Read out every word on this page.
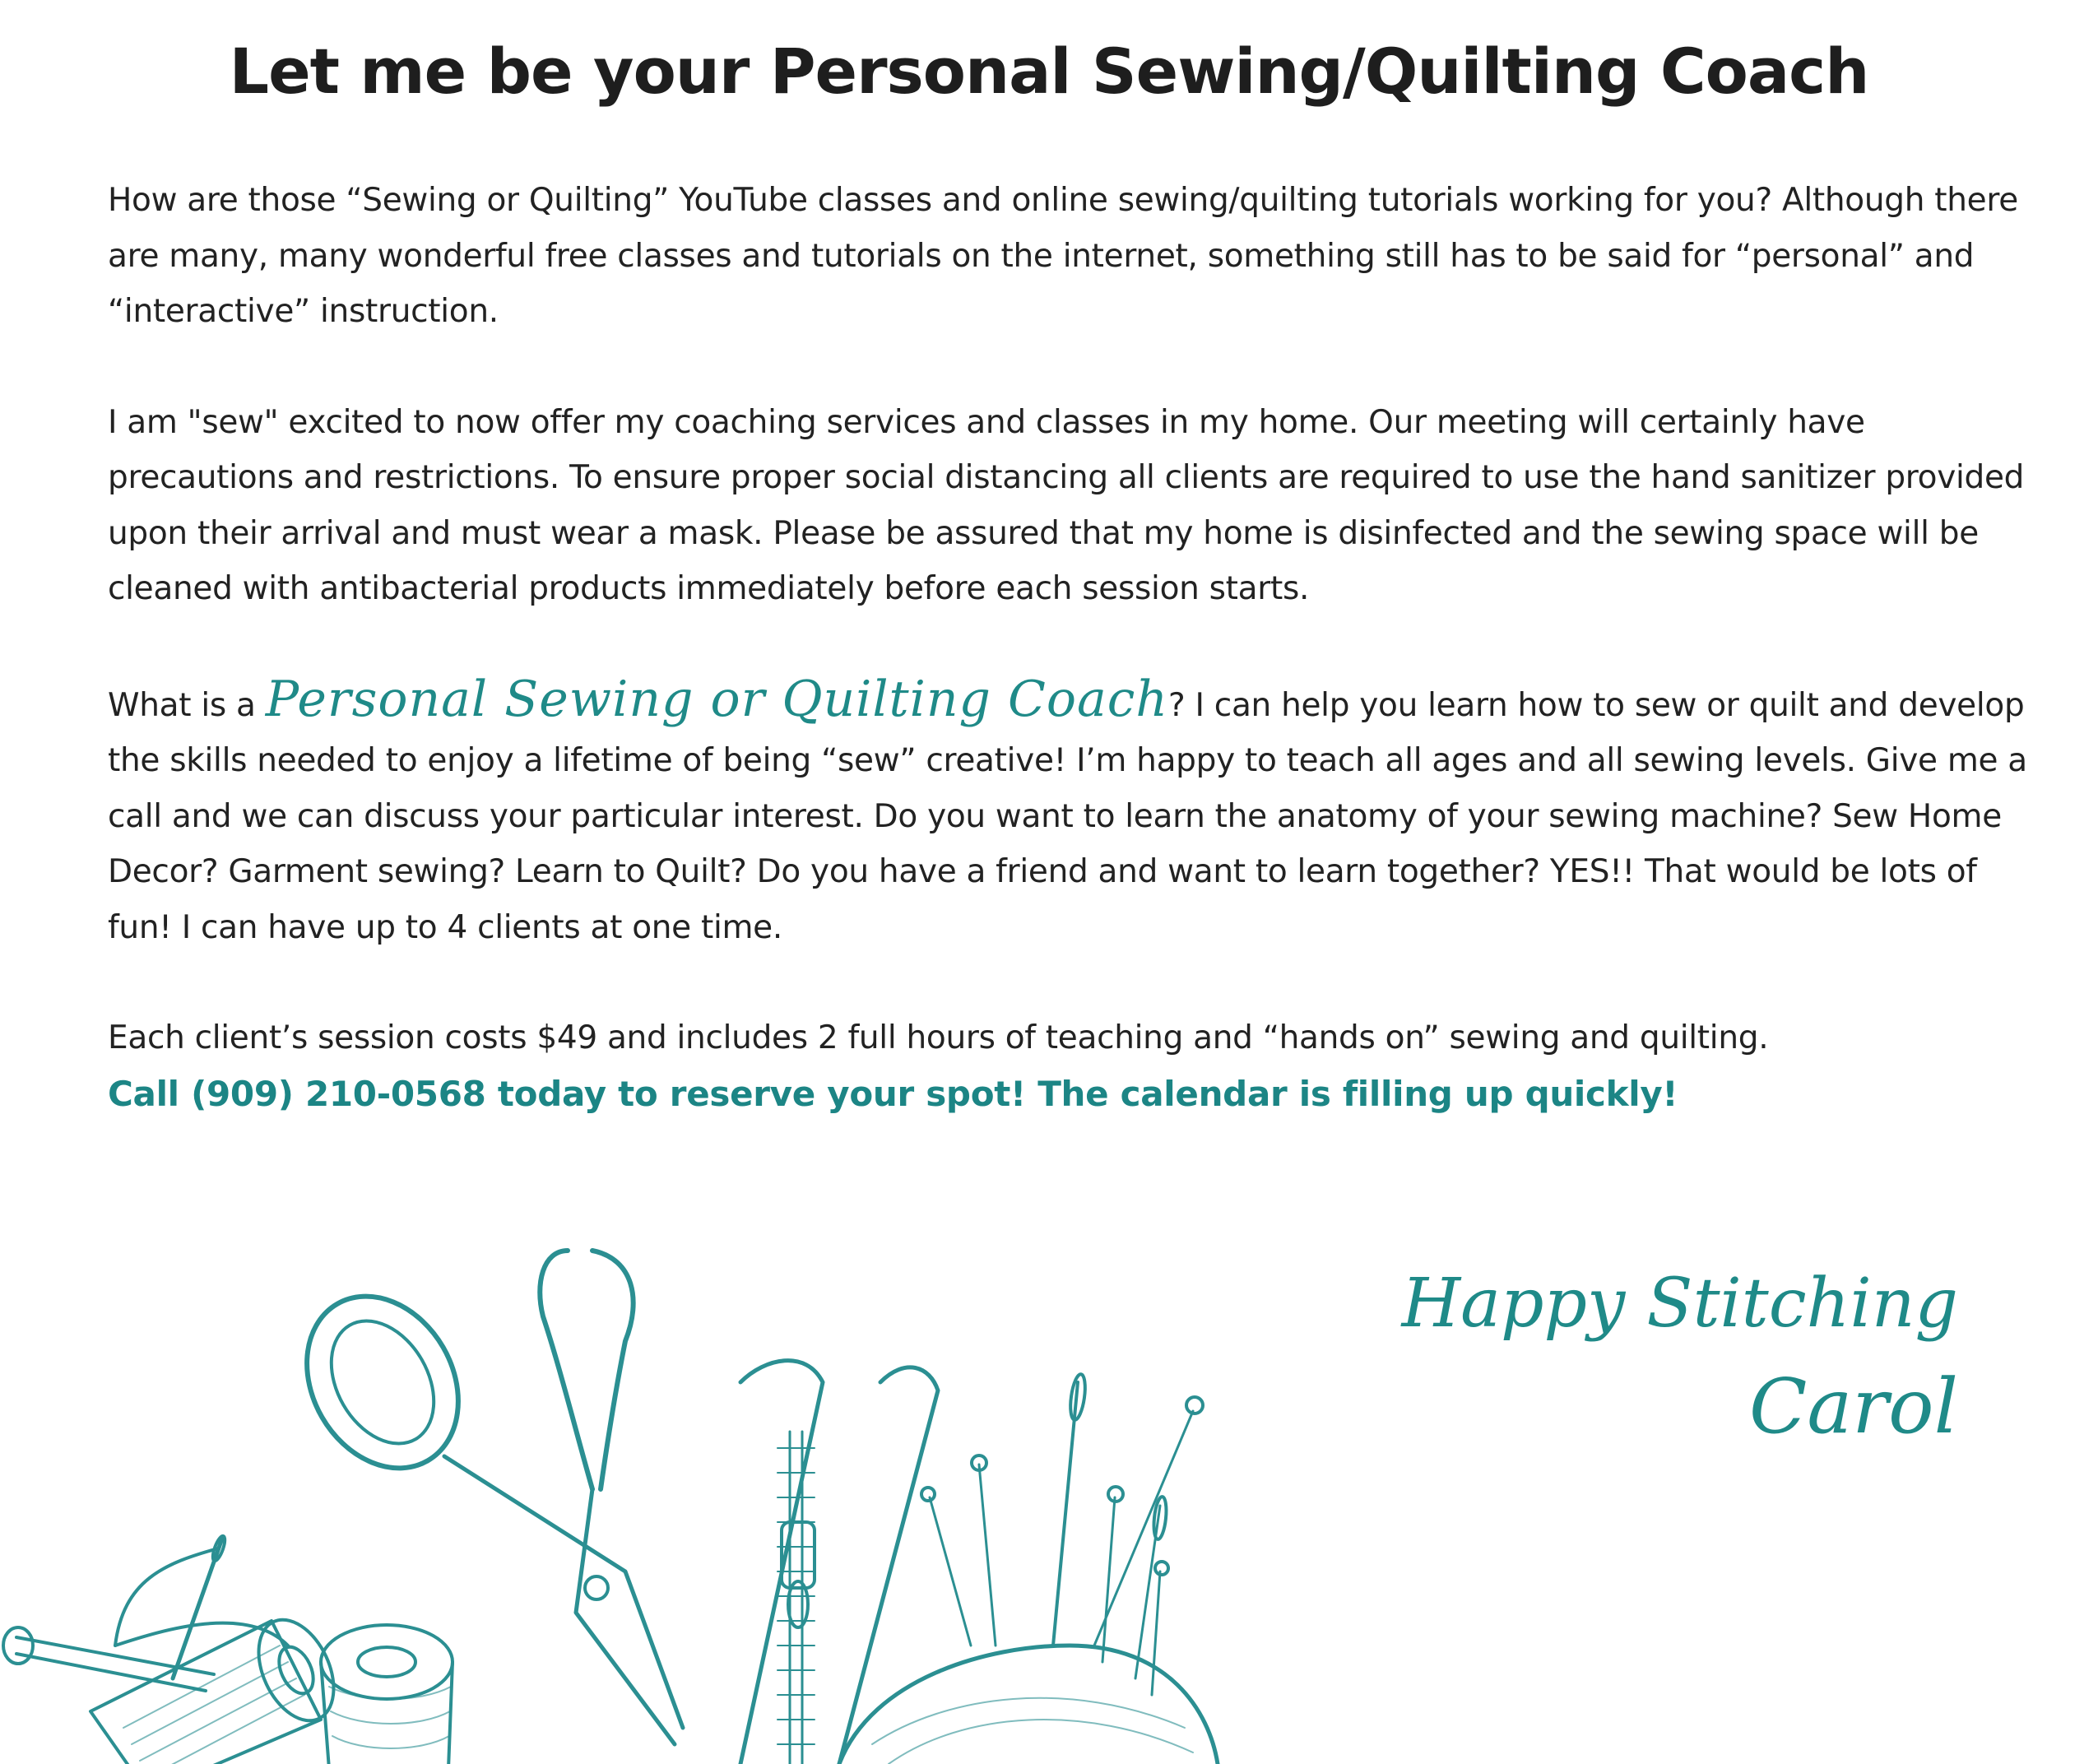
Let me be your Personal Sewing/Quilting Coach

How are those “Sewing or Quilting” YouTube classes and online sewing/quilting tutorials working for you? Although there are many, many wonderful free classes and tutorials on the internet, something still has to be said for “personal” and “interactive” instruction.

I am "sew" excited to now offer my coaching services and classes in my home. Our meeting will certainly have precautions and restrictions. To ensure proper social distancing all clients are required to use the hand sanitizer provided upon their arrival and must wear a mask. Please be assured that my home is disinfected and the sewing space will be cleaned with antibacterial products immediately before each session starts.

What is a Personal Sewing or Quilting Coach? I can help you learn how to sew or quilt and develop the skills needed to enjoy a lifetime of being “sew” creative! I’m happy to teach all ages and all sewing levels. Give me a call and we can discuss your particular interest. Do you want to learn the anatomy of your sewing machine? Sew Home Decor? Garment sewing? Learn to Quilt? Do you have a friend and want to learn together? YES!! That would be lots of fun! I can have up to 4 clients at one time.

Each client’s session costs $49 and includes 2 full hours of teaching and “hands on” sewing and quilting.

Call (909) 210-0568 today to reserve your spot! The calendar is filling up quickly!

Happy Stitching
Carol
